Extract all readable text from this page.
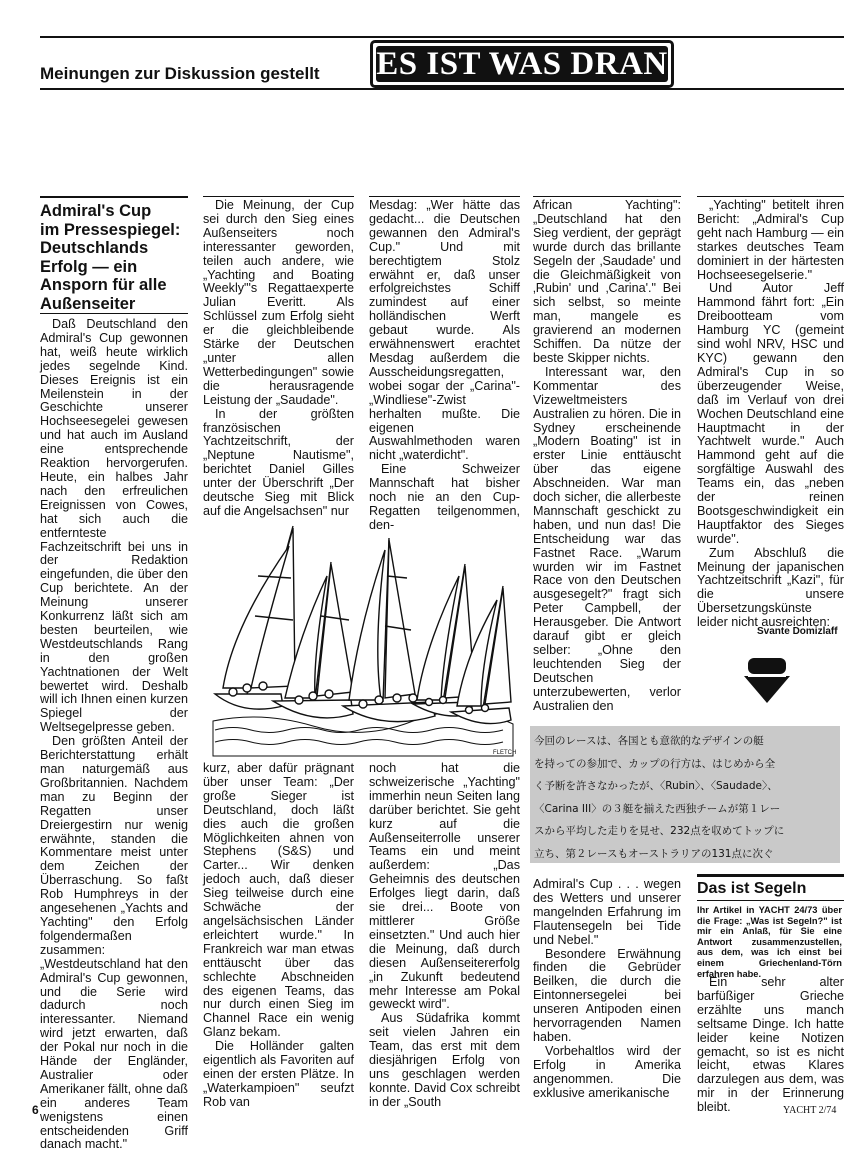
Meinungen zur Diskussion gestellt ES IST WAS DRAN
Admiral's Cup
im Pressespiegel:
Deutschlands
Erfolg — ein
Ansporn für alle
Außenseiter

Daß Deutschland den Admiral's Cup gewonnen hat, weiß heute wirklich jedes segelnde Kind. Dieses Ereignis ist ein Meilenstein in der Geschichte unserer Hochseesegelei gewesen und hat auch im Ausland eine entsprechende Reaktion hervorgerufen. Heute, ein halbes Jahr nach den erfreulichen Ereignissen von Cowes, hat sich auch die entfernteste Fachzeitschrift bei uns in der Redaktion eingefunden, die über den Cup berichtete. An der Meinung unserer Konkurrenz läßt sich am besten beurteilen, wie Westdeutschlands Rang in den großen Yachtnationen der Welt bewertet wird. Deshalb will ich Ihnen einen kurzen Spiegel der Weltsegelpresse geben.

Den größten Anteil der Berichterstattung erhält man naturgemäß aus Großbritannien. Nachdem man zu Beginn der Regatten unser Dreiergestirn nur wenig erwähnte, standen die Kommentare meist unter dem Zeichen der Überraschung. So faßt Rob Humphreys in der angesehenen „Yachts and Yachting" den Erfolg folgendermaßen zusammen: „Westdeutschland hat den Admiral's Cup gewonnen, und die Serie wird dadurch noch interessanter. Niemand wird jetzt erwarten, daß der Pokal nur noch in die Hände der Engländer, Australier oder Amerikaner fällt, ohne daß ein anderes Team wenigstens einen entscheidenden Griff danach macht."

Die Meinung, der Cup sei durch den Sieg eines Außenseiters noch interessanter geworden, teilen auch andere, wie „Yachting and Boating Weekly"'s Regattaexperte Julian Everitt. Als Schlüssel zum Erfolg sieht er die gleichbleibende Stärke der Deutschen „unter allen Wetterbedingungen" sowie die herausragende Leistung der „Saudade".

In der größten französischen Yachtzeitschrift, der „Neptune Nautisme", berichtet Daniel Gilles unter der Überschrift „Der deutsche Sieg mit Blick auf die Angelsachsen" nur

Mesdag: „Wer hätte das gedacht... die Deutschen gewannen den Admiral's Cup." Und mit berechtigtem Stolz erwähnt er, daß unser erfolgreichstes Schiff zumindest auf einer holländischen Werft gebaut wurde. Als erwähnenswert erachtet Mesdag außerdem die Ausscheidungsregatten, wobei sogar der „Carina"-„Windliese"-Zwist herhalten mußte. Die eigenen Auswahlmethoden waren nicht „waterdicht".

Eine Schweizer Mannschaft hat bisher noch nie an den Cup-Regatten teilgenommen, den-

African Yachting": „Deutschland hat den Sieg verdient, der geprägt wurde durch das brillante Segeln der ‚Saudade' und die Gleichmäßigkeit von ‚Rubin' und ‚Carina'." Bei sich selbst, so meinte man, mangele es gravierend an modernen Schiffen. Da nütze der beste Skipper nichts.

Interessant war, den Kommentar des Vizeweltmeisters Australien zu hören. Die in Sydney erscheinende „Modern Boating" ist in erster Linie enttäuscht über das eigene Abschneiden. War man doch sicher, die allerbeste Mannschaft geschickt zu haben, und nun das! Die Entscheidung war das Fastnet Race. „Warum wurden wir im Fastnet Race von den Deutschen ausgesegelt?" fragt sich Peter Campbell, der Herausgeber. Die Antwort darauf gibt er gleich selber: „Ohne den leuchtenden Sieg der Deutschen unterzubewerten, verlor Australien den

„Yachting" betitelt ihren Bericht: „Admiral's Cup geht nach Hamburg — ein starkes deutsches Team dominiert in der härtesten Hochseesegelserie."

Und Autor Jeff Hammond fährt fort: „Ein Dreibootteam vom Hamburg YC (gemeint sind wohl NRV, HSC und KYC) gewann den Admiral's Cup in so überzeugender Weise, daß im Verlauf von drei Wochen Deutschland eine Hauptmacht in der Yachtwelt wurde." Auch Hammond geht auf die sorgfältige Auswahl des Teams ein, das „neben der reinen Bootsgeschwindigkeit ein Hauptfaktor des Sieges wurde".

Zum Abschluß die Meinung der japanischen Yachtzeitschrift „Kazi", für die unsere Übersetzungskünste leider nicht ausreichten:

Svante Domizlaff
FLETCH

kurz, aber dafür prägnant über unser Team: „Der große Sieger ist Deutschland, doch läßt dies auch die großen Möglichkeiten ahnen von Stephens (S&S) und Carter... Wir denken jedoch auch, daß dieser Sieg teilweise durch eine Schwäche der angelsächsischen Länder erleichtert wurde." In Frankreich war man etwas enttäuscht über das schlechte Abschneiden des eigenen Teams, das nur durch einen Sieg im Channel Race ein wenig Glanz bekam.

Die Holländer galten eigentlich als Favoriten auf einen der ersten Plätze. In „Waterkampioen" seufzt Rob van

noch hat die schweizerische „Yachting" immerhin neun Seiten lang darüber berichtet. Sie geht kurz auf die Außenseiterrolle unserer Teams ein und meint außerdem: „Das Geheimnis des deutschen Erfolges liegt darin, daß sie drei... Boote von mittlerer Größe einsetzten." Und auch hier die Meinung, daß durch diesen Außenseitererfolg „in Zukunft bedeutend mehr Interesse am Pokal geweckt wird".

Aus Südafrika kommt seit vielen Jahren ein Team, das erst mit dem diesjährigen Erfolg von uns geschlagen werden konnte. David Cox schreibt in der „South

今回のレースは、各国とも意欲的なデザインの艇
を持っての参加で、カップの行方は、はじめから全
く予断を許さなかったが、〈Rubin〉、〈Saudade〉、
〈Carina III〉の３艇を揃えた西独チームが第１レー
スから平均した走りを見せ、232点を収めてトップに
立ち、第２レースもオーストラリアの131点に次ぐ

Admiral's Cup . . . wegen des Wetters und unserer mangelnden Erfahrung im Flautensegeln bei Tide und Nebel."

Besondere Erwähnung finden die Gebrüder Beilken, die durch die Eintonnersegelei bei unseren Antipoden einen hervorragenden Namen haben.

Vorbehaltlos wird der Erfolg in Amerika angenommen. Die exklusive amerikanische

Das ist Segeln
Ihr Artikel in YACHT 24/73 über die Frage: „Was ist Segeln?" ist mir ein Anlaß, für Sie eine Antwort zusammenzustellen, aus dem, was ich einst bei einem Griechenland-Törn erfahren habe.

Ein sehr alter barfüßiger Grieche erzählte uns manch seltsame Dinge. Ich hatte leider keine Notizen gemacht, so ist es nicht leicht, etwas Klares darzulegen aus dem, was mir in der Erinnerung bleibt.

6	YACHT 2/74
